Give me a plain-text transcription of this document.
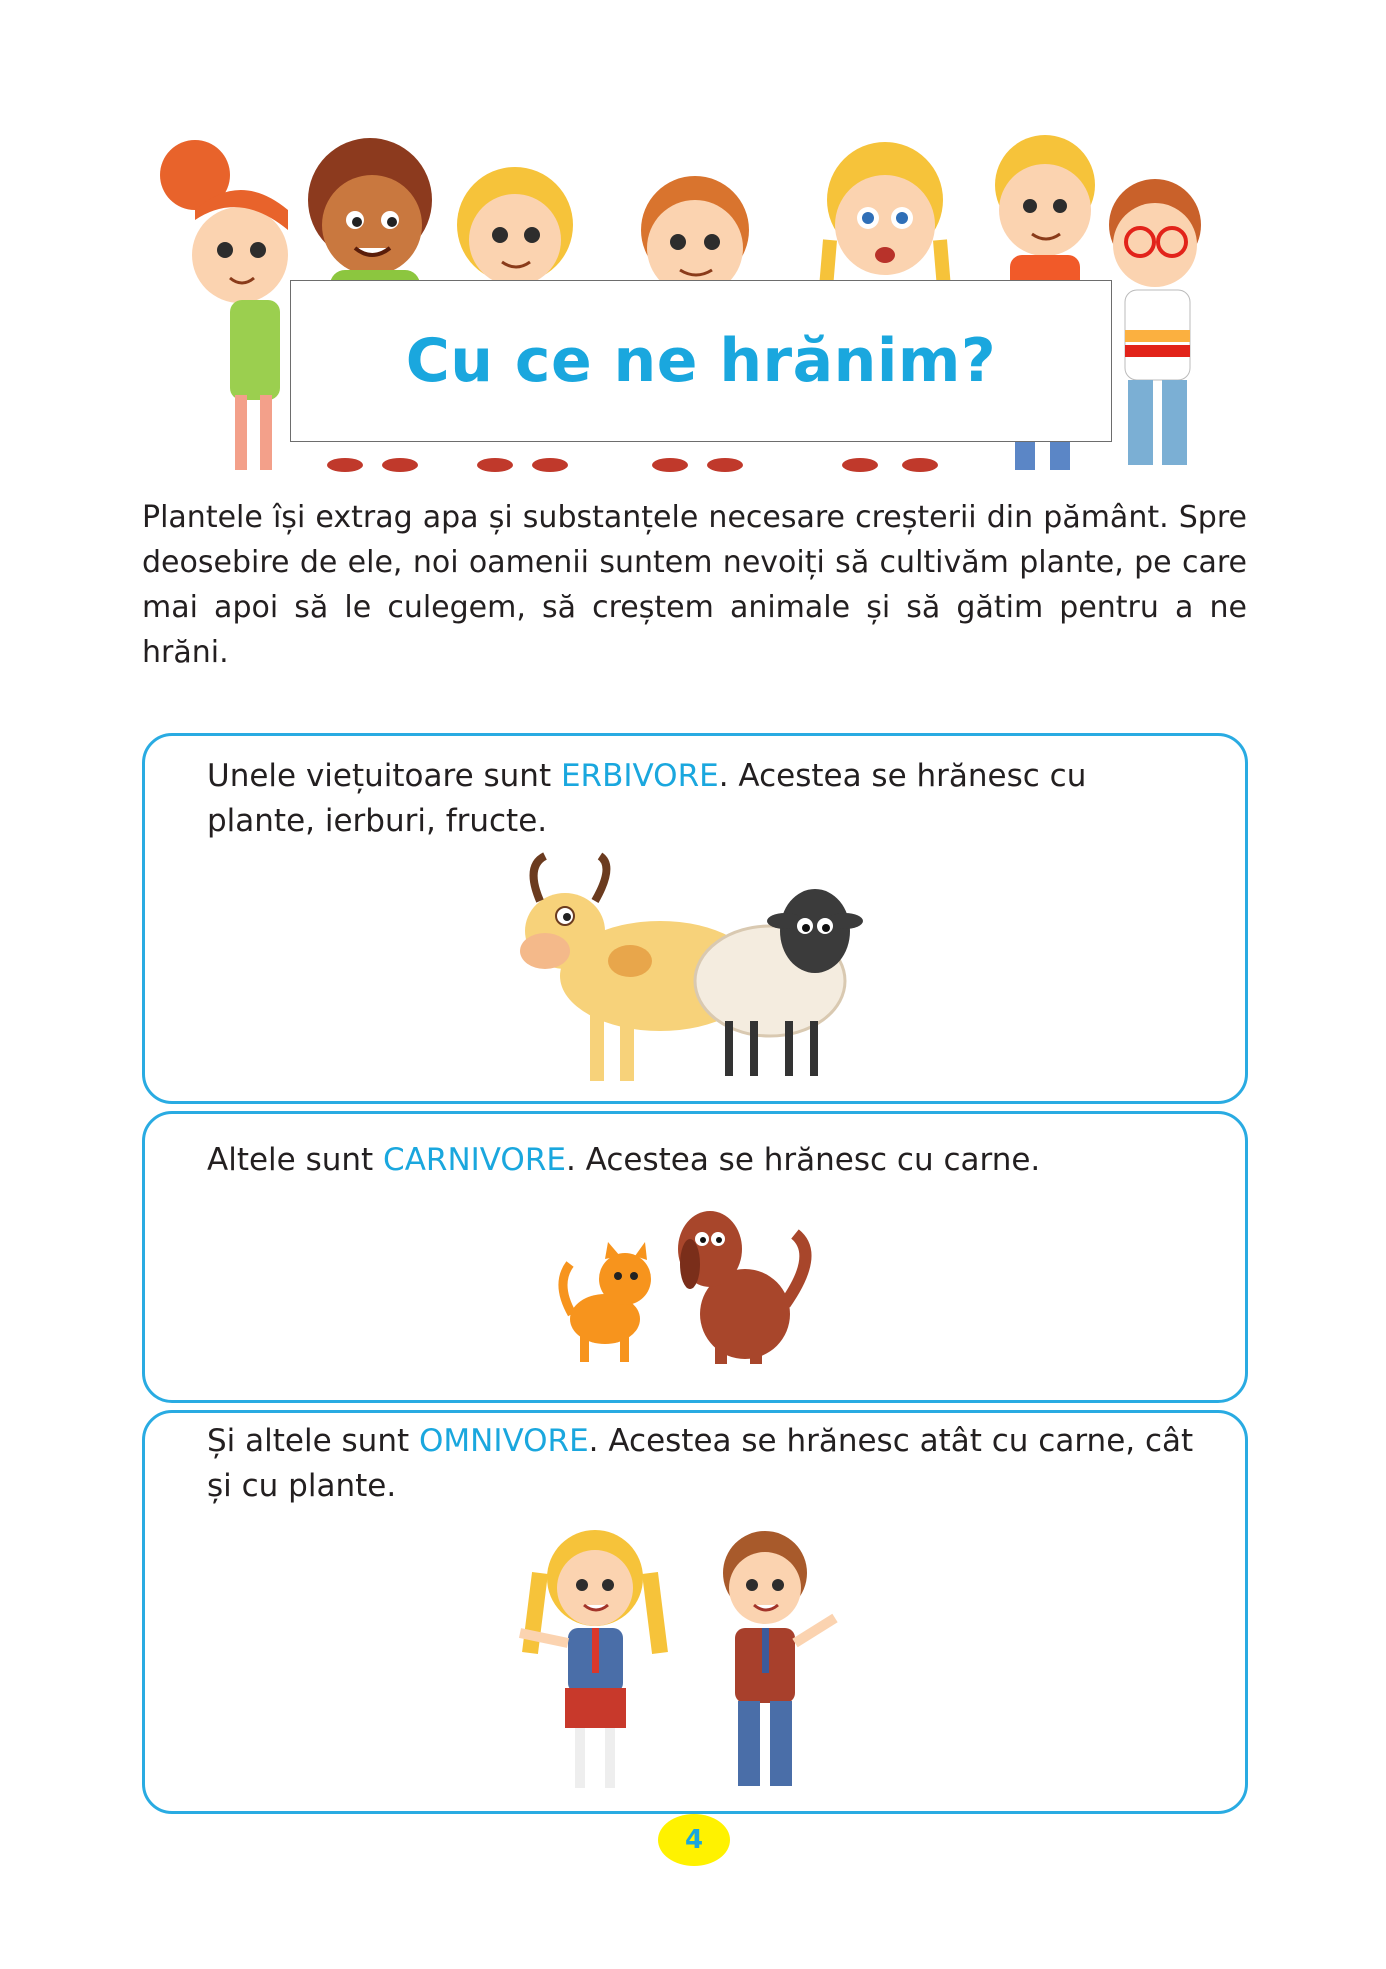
Cu ce ne hrănim?

Plantele își extrag apa și substanțele necesare creșterii din pământ. Spre deosebire de ele, noi oamenii suntem nevoiți să cultivăm plante, pe care mai apoi să le culegem, să creștem animale și să gătim pentru a ne hrăni.

Unele viețuitoare sunt ERBIVORE. Acestea se hrănesc cu plante, ierburi, fructe.

Altele sunt CARNIVORE. Acestea se hrănesc cu carne.

Și altele sunt OMNIVORE. Acestea se hrănesc atât cu carne, cât și cu plante.

4
